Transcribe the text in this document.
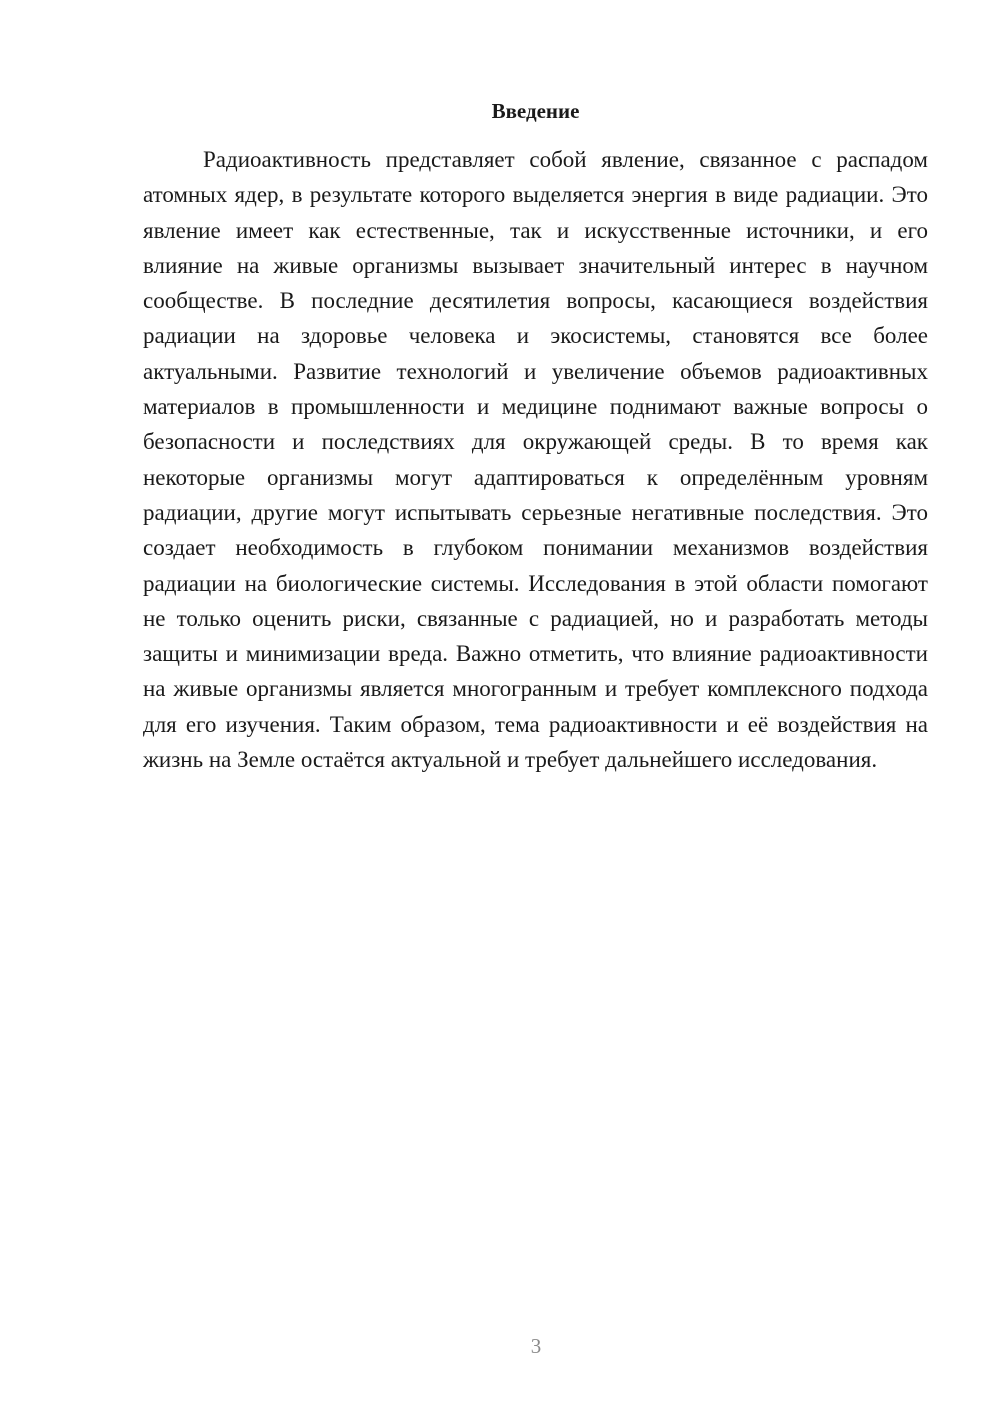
Введение

Радиоактивность представляет собой явление, связанное с распадом атомных ядер, в результате которого выделяется энергия в виде радиации. Это явление имеет как естественные, так и искусственные источники, и его влияние на живые организмы вызывает значительный интерес в научном сообществе. В последние десятилетия вопросы, касающиеся воздействия радиации на здоровье человека и экосистемы, становятся все более актуальными. Развитие технологий и увеличение объемов радиоактивных материалов в промышленности и медицине поднимают важные вопросы о безопасности и последствиях для окружающей среды. В то время как некоторые организмы могут адаптироваться к определённым уровням радиации, другие могут испытывать серьезные негативные последствия. Это создает необходимость в глубоком понимании механизмов воздействия радиации на биологические системы. Исследования в этой области помогают не только оценить риски, связанные с радиацией, но и разработать методы защиты и минимизации вреда. Важно отметить, что влияние радиоактивности на живые организмы является многогранным и требует комплексного подхода для его изучения. Таким образом, тема радиоактивности и её воздействия на жизнь на Земле остаётся актуальной и требует дальнейшего исследования.

3
